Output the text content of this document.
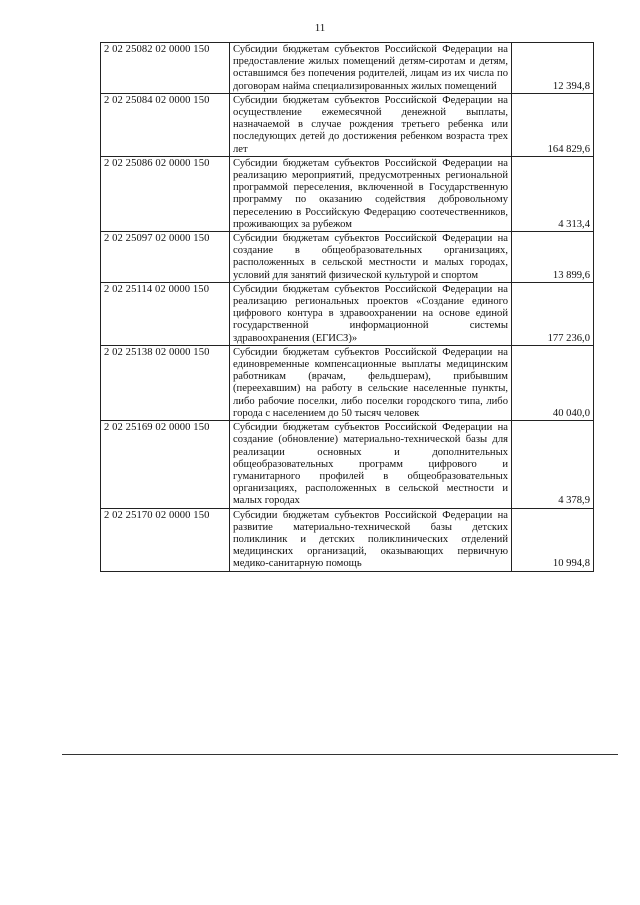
11
2 02 25082 02 0000 150	Субсидии бюджетам субъектов Российской Федерации на предоставление жилых помещений детям-сиротам и детям, оставшимся без попечения родителей, лицам из их числа по договорам найма специализированных жилых помещений	12 394,8
2 02 25084 02 0000 150	Субсидии бюджетам субъектов Российской Федерации на осуществление ежемесячной денежной выплаты, назначаемой в случае рождения третьего ребенка или последующих детей до достижения ребенком возраста трех лет	164 829,6
2 02 25086 02 0000 150	Субсидии бюджетам субъектов Российской Федерации на реализацию мероприятий, предусмотренных региональной программой переселения, включенной в Государственную программу по оказанию содействия добровольному переселению в Российскую Федерацию соотечественников, проживающих за рубежом	4 313,4
2 02 25097 02 0000 150	Субсидии бюджетам субъектов Российской Федерации на создание в общеобразовательных организациях, расположенных в сельской местности и малых городах, условий для занятий физической культурой и спортом	13 899,6
2 02 25114 02 0000 150	Субсидии бюджетам субъектов Российской Федерации на реализацию региональных проектов «Создание единого цифрового контура в здравоохранении на основе единой государственной информационной системы здравоохранения (ЕГИСЗ)»	177 236,0
2 02 25138 02 0000 150	Субсидии бюджетам субъектов Российской Федерации на единовременные компенсационные выплаты медицинским работникам (врачам, фельдшерам), прибывшим (переехавшим) на работу в сельские населенные пункты, либо рабочие поселки, либо поселки городского типа, либо города с населением до 50 тысяч человек	40 040,0
2 02 25169 02 0000 150	Субсидии бюджетам субъектов Российской Федерации на создание (обновление) материально-технической базы для реализации основных и дополнительных общеобразовательных программ цифрового и гуманитарного профилей в общеобразовательных организациях, расположенных в сельской местности и малых городах	4 378,9
2 02 25170 02 0000 150	Субсидии бюджетам субъектов Российской Федерации на развитие материально-технической базы детских поликлиник и детских поликлинических отделений медицинских организаций, оказывающих первичную медико-санитарную помощь	10 994,8
